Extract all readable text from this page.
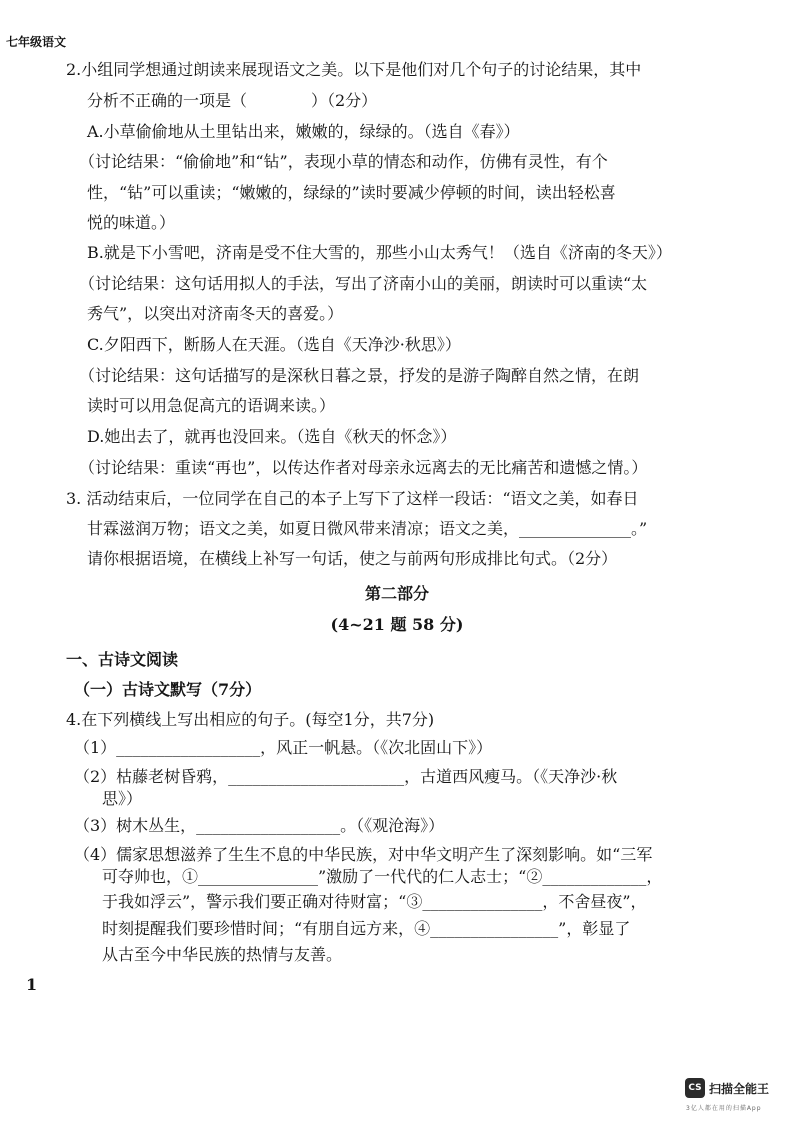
七年级语文
2.小组同学想通过朗读来展现语文之美。以下是他们对几个句子的讨论结果，其中
分析不正确的一项是（　　　　）（2分）
A.小草偷偷地从土里钻出来，嫩嫩的，绿绿的。（选自《春》）
（讨论结果：“偷偷地”和“钻”，表现小草的情态和动作，仿佛有灵性，有个
性，“钻”可以重读；“嫩嫩的，绿绿的”读时要减少停顿的时间，读出轻松喜
悦的味道。）
B.就是下小雪吧，济南是受不住大雪的，那些小山太秀气！（选自《济南的冬天》）
（讨论结果：这句话用拟人的手法，写出了济南小山的美丽，朗读时可以重读“太
秀气”，以突出对济南冬天的喜爱。）
C.夕阳西下，断肠人在天涯。（选自《天净沙·秋思》）
（讨论结果：这句话描写的是深秋日暮之景，抒发的是游子陶醉自然之情，在朗
读时可以用急促高亢的语调来读。）
D.她出去了，就再也没回来。（选自《秋天的怀念》）
（讨论结果：重读“再也”，以传达作者对母亲永远离去的无比痛苦和遗憾之情。）
3. 活动结束后，一位同学在自己的本子上写下了这样一段话：“语文之美，如春日
甘霖滋润万物；语文之美，如夏日微风带来清凉；语文之美，______________。”
请你根据语境，在横线上补写一句话，使之与前两句形成排比句式。（2分）
第二部分
(4~21 题 58 分)
一、古诗文阅读
（一）古诗文默写（7分）
4.在下列横线上写出相应的句子。(每空1分，共7分)
（1）__________________，风正一帆悬。（《次北固山下》）
（2）枯藤老树昏鸦，______________________，古道西风瘦马。（《天净沙·秋
思》）
（3）树木丛生，__________________。（《观沧海》）
（4）儒家思想滋养了生生不息的中华民族，对中华文明产生了深刻影响。如“三军
可夺帅也，①_______________”激励了一代代的仁人志士；“②_____________，
于我如浮云”，警示我们要正确对待财富；“③_______________，不舍昼夜”，
时刻提醒我们要珍惜时间；“有朋自远方来，④________________”，彰显了
从古至今中华民族的热情与友善。
1
CS 扫描全能王
3亿人都在用的扫描App
